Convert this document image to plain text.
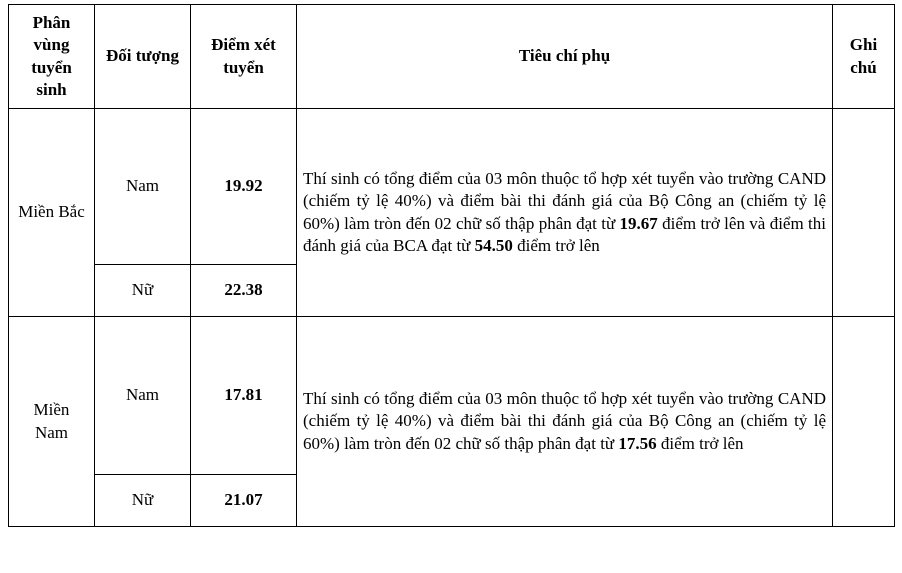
Phân vùng tuyển sinh	Đối tượng	Điểm xét tuyển	Tiêu chí phụ	Ghi chú
Miền Bắc	Nam	19.92	Thí sinh có tổng điểm của 03 môn thuộc tổ hợp xét tuyển vào trường CAND (chiếm tỷ lệ 40%) và điểm bài thi đánh giá của Bộ Công an (chiếm tỷ lệ 60%) làm tròn đến 02 chữ số thập phân đạt từ 19.67 điểm trở lên và điểm thi đánh giá của BCA đạt từ 54.50 điểm trở lên	
	Nữ	22.38		
Miền Nam	Nam	17.81	Thí sinh có tổng điểm của 03 môn thuộc tổ hợp xét tuyển vào trường CAND (chiếm tỷ lệ 40%) và điểm bài thi đánh giá của Bộ Công an (chiếm tỷ lệ 60%) làm tròn đến 02 chữ số thập phân đạt từ 17.56 điểm trở lên	
	Nữ	21.07		
